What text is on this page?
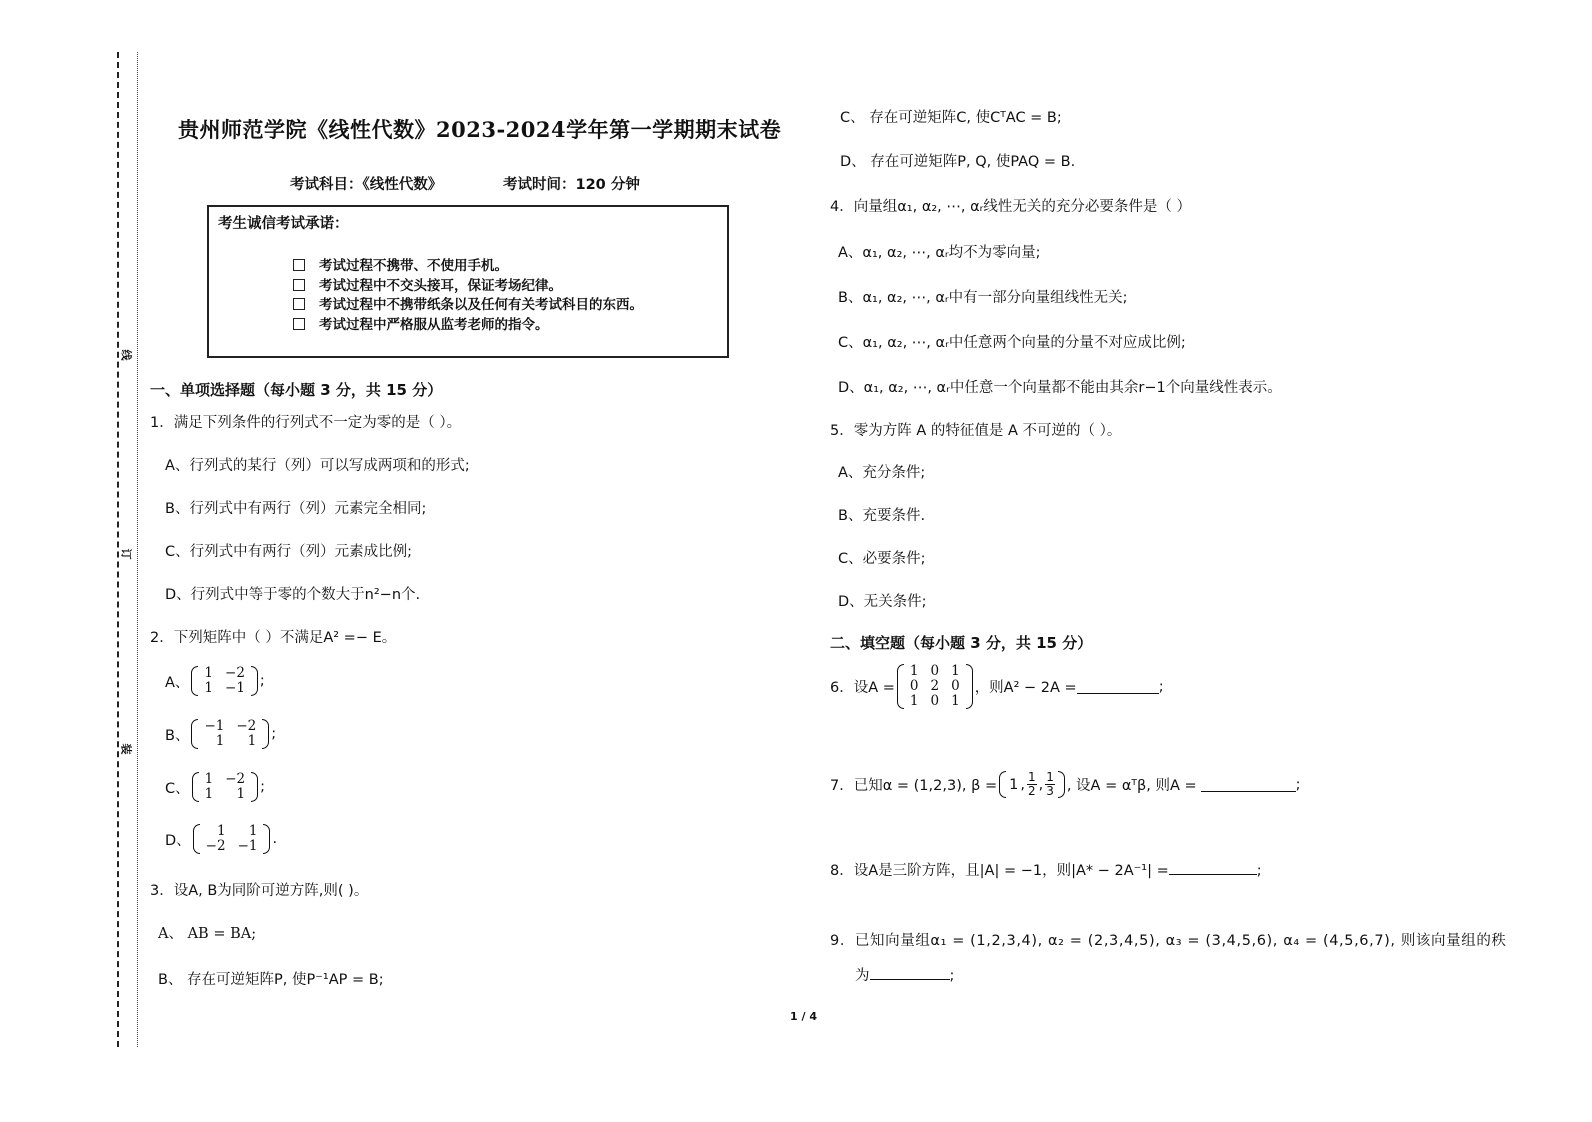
线
订
装
贵州师范学院《线性代数》2023-2024学年第一学期期末试卷
考试科目：《线性代数》	考试时间：120 分钟
考生诚信考试承诺：
考试过程不携带、不使用手机。
考试过程中不交头接耳，保证考场纪律。
考试过程中不携带纸条以及任何有关考试科目的东西。
考试过程中严格服从监考老师的指令。
一、单项选择题（每小题 3 分，共 15 分）
1．满足下列条件的行列式不一定为零的是（ ）。
A、行列式的某行（列）可以写成两项和的形式;
B、行列式中有两行（列）元素完全相同;
C、行列式中有两行（列）元素成比例;
D、行列式中等于零的个数大于n²−n个.
2．下列矩阵中（ ）不满足A² =− E。
A、
1	−2
1	−1 ;
B、
−1	−2
1	1 ;
C、
1	−2
1	1 ;
D、
1	1
−2	−1 .
3．设A, B为同阶可逆方阵,则( )。
A、 AB = BA;
B、 存在可逆矩阵P, 使P⁻¹AP = B;
C、 存在可逆矩阵C, 使CᵀAC = B;
D、 存在可逆矩阵P, Q, 使PAQ = B.
4．向量组α₁, α₂, ⋯, αᵣ线性无关的充分必要条件是（ ）
A、α₁, α₂, ⋯, αᵣ均不为零向量;
B、α₁, α₂, ⋯, αᵣ中有一部分向量组线性无关;
C、α₁, α₂, ⋯, αᵣ中任意两个向量的分量不对应成比例;
D、α₁, α₂, ⋯, αᵣ中任意一个向量都不能由其余r−1个向量线性表示。
5．零为方阵 A 的特征值是 A 不可逆的（ ）。
A、充分条件;
B、充要条件.
C、必要条件;
D、无关条件;
二、填空题（每小题 3 分，共 15 分）
6．设A =
1	0	1
0	2	0
1	0	1
，则A² − 2A =	;
7．已知α = (1,2,3), β = 1 , $\frac{1}{2}$ , $\frac{1}{3}$ , 设A = αᵀβ, 则A =	;
8．设A是三阶方阵，且|A| = −1，则|A* − 2A⁻¹| =	;
9．已知向量组α₁ = (1,2,3,4), α₂ = (2,3,4,5), α₃ = (3,4,5,6), α₄ = (4,5,6,7), 则该向量组的秩
为	;
1 / 4
